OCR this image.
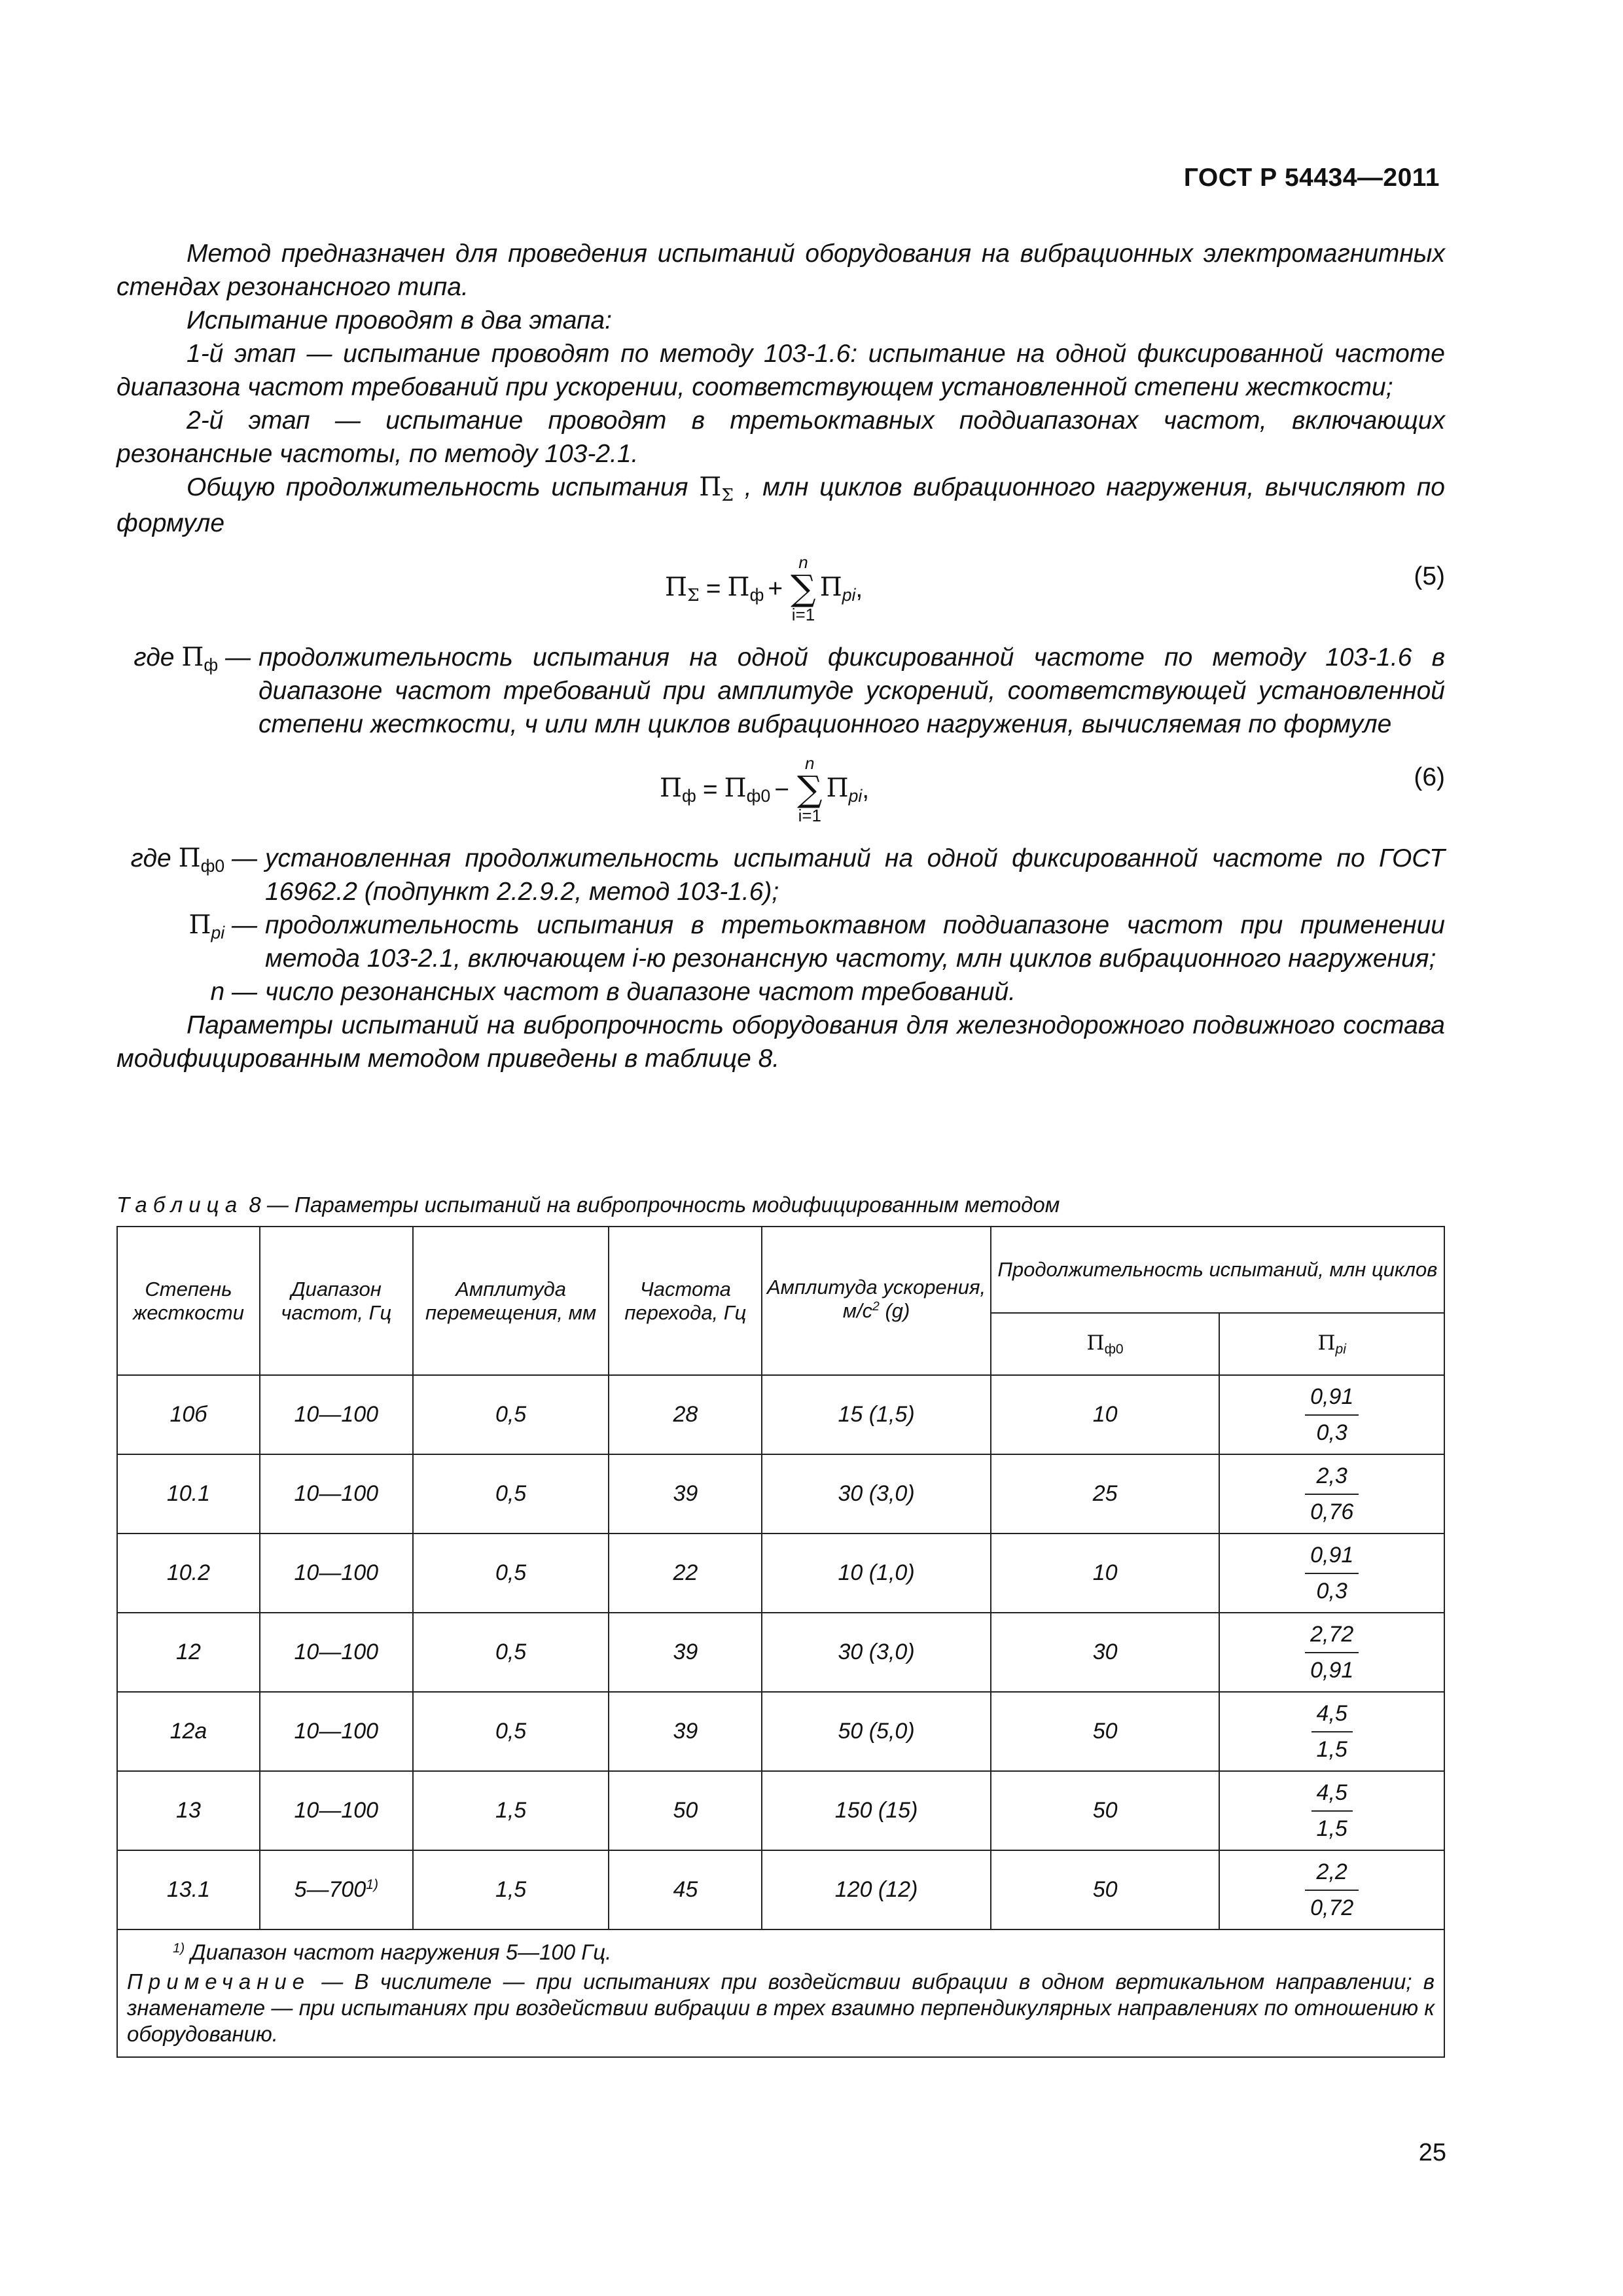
ГОСТ Р 54434—2011

Метод предназначен для проведения испытаний оборудования на вибрационных электромагнитных стендах резонансного типа.

Испытание проводят в два этапа:

1-й этап — испытание проводят по методу 103-1.6: испытание на одной фиксированной частоте диапазона частот требований при ускорении, соответствующем установленной степени жесткости;

2-й этап — испытание проводят в третьоктавных поддиапазонах частот, включающих резонансные частоты, по методу 103-2.1.

Общую продолжительность испытания $П_\Sigma$ , млн циклов вибрационного нагружения, вычисляют по формуле

$П_\Sigma = П_ф$ +
n
∑
i=1
$П_{pi}$ ,	(5)
где $П_ф$ — продолжительность испытания на одной фиксированной частоте по методу 103-1.6 в диапазоне частот требований при амплитуде ускорений, соответствующей установленной степени жесткости, ч или млн циклов вибрационного нагружения, вычисляемая по формуле
$П_ф = П_{ф0}$ −
n
∑
i=1
$П_{pi}$ ,	(6)
где $П_{ф0}$ — установленная продолжительность испытаний на одной фиксированной частоте по ГОСТ 16962.2 (подпункт 2.2.9.2, метод 103-1.6);
$П_{pi}$ — продолжительность испытания в третьоктавном поддиапазоне частот при применении метода 103-2.1, включающем i-ю резонансную частоту, млн циклов вибрационного нагружения;
n — число резонансных частот в диапазоне частот требований.

Параметры испытаний на вибропрочность оборудования для железнодорожного подвижного состава модифицированным методом приведены в таблице 8.

Таблица 8 — Параметры испытаний на вибропрочность модифицированным методом
Степень жесткости	Диапазон частот, Гц	Амплитуда перемещения, мм	Частота перехода, Гц	Амплитуда ускорения, $м/с^2$ (g)	Продолжительность испытаний, млн циклов	
					$П_{ф0}$	$П_{pi}$
10б	10—100	0,5	28	15 (1,5)	10	$\frac{0,91}{0,3}$

10.1	10—100	0,5	39	30 (3,0)	25	$\frac{2,3}{0,76}$

10.2	10—100	0,5	22	10 (1,0)	10	$\frac{0,91}{0,3}$

12	10—100	0,5	39	30 (3,0)	30	$\frac{2,72}{0,91}$

12а	10—100	0,5	39	50 (5,0)	50	$\frac{4,5}{1,5}$

13	10—100	1,5	50	150 (15)	50	$\frac{4,5}{1,5}$

13.1	5—700$^{1)}$	1,5	45	120 (12)	50	$\frac{2,2}{0,72}$

$^{1)}$ Диапазон частот нагружения 5—100 Гц.
Примечание — В числителе — при испытаниях при воздействии вибрации в одном вертикальном направлении; в знаменателе — при испытаниях при воздействии вибрации в трех взаимно перпендикулярных направлениях по отношению к оборудованию.						
25
